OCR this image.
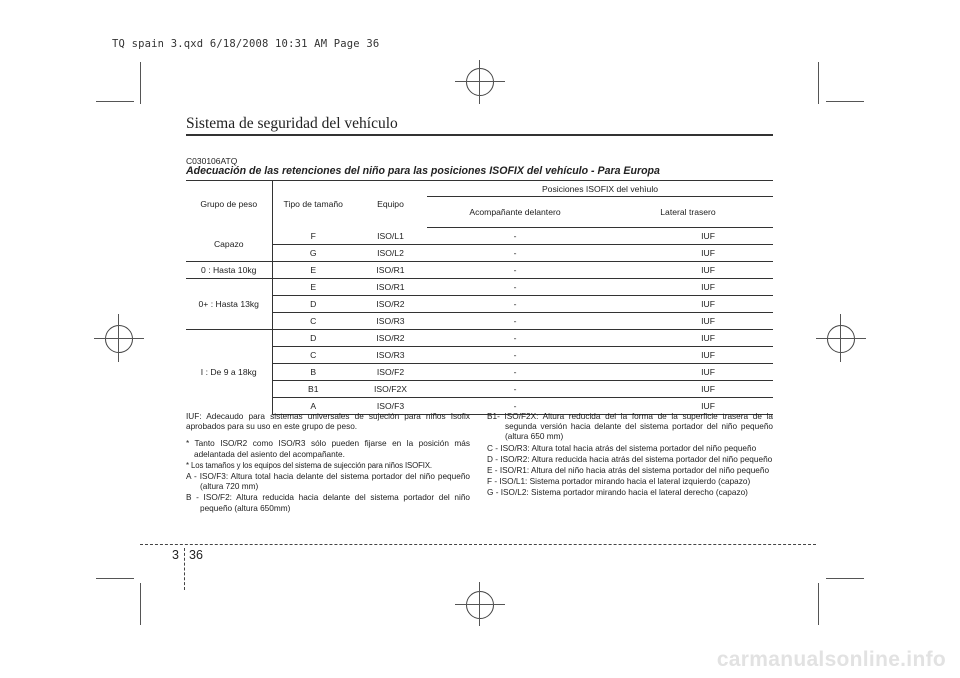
TQ spain 3.qxd 6/18/2008 10:31 AM Page 36
Sistema de seguridad del vehículo
C030106ATQ
Adecuación de las retenciones del niño para las posiciones ISOFIX del vehículo - Para Europa
Grupo de peso	Tipo de tamaño	Equipo	Posiciones ISOFIX del vehìulo	
			Acompañante delantero	Lateral trasero
Capazo	F	ISO/L1	-	IUF
	G	ISO/L2	-	IUF
0 : Hasta 10kg	E	ISO/R1	-	IUF
0+ : Hasta 13kg	E	ISO/R1	-	IUF
	D	ISO/R2	-	IUF
	C	ISO/R3	-	IUF
I : De 9 a 18kg	D	ISO/R2	-	IUF
	C	ISO/R3	-	IUF
	B	ISO/F2	-	IUF
	B1	ISO/F2X	-	IUF
	A	ISO/F3	-	IUF

IUF: Adecaudo para sistemas universales de sujeción para niños Isofix aprobados para su uso en este grupo de peso.

* Tanto ISO/R2 como ISO/R3 sólo pueden fijarse en la posición más adelantada del asiento del acompañante.

* Los tamaños y los equipos del sistema de sujección para niños ISOFIX.

A - ISO/F3: Altura total hacia delante del sistema portador del niño pequeño (altura 720 mm)

B - ISO/F2: Altura reducida hacia delante del sistema portador del niño pequeño (altura 650mm)

B1- ISO/F2X: Altura reducida del la forma de la superficie trasera de la segunda versión hacia delante del sistema portador del niño pequeño (altura 650 mm)

C - ISO/R3: Altura total hacia atrás del sistema portador del niño pequeño

D - ISO/R2: Altura reducida hacia atrás del sistema portador del niño pequeño

E - ISO/R1: Altura del niño hacia atrás del sistema portador del niño pequeño

F - ISO/L1: Sistema portador mirando hacia el lateral izquierdo (capazo)

G - ISO/L2: Sistema portador mirando hacia el lateral derecho (capazo)

3 36
carmanualsonline.info
